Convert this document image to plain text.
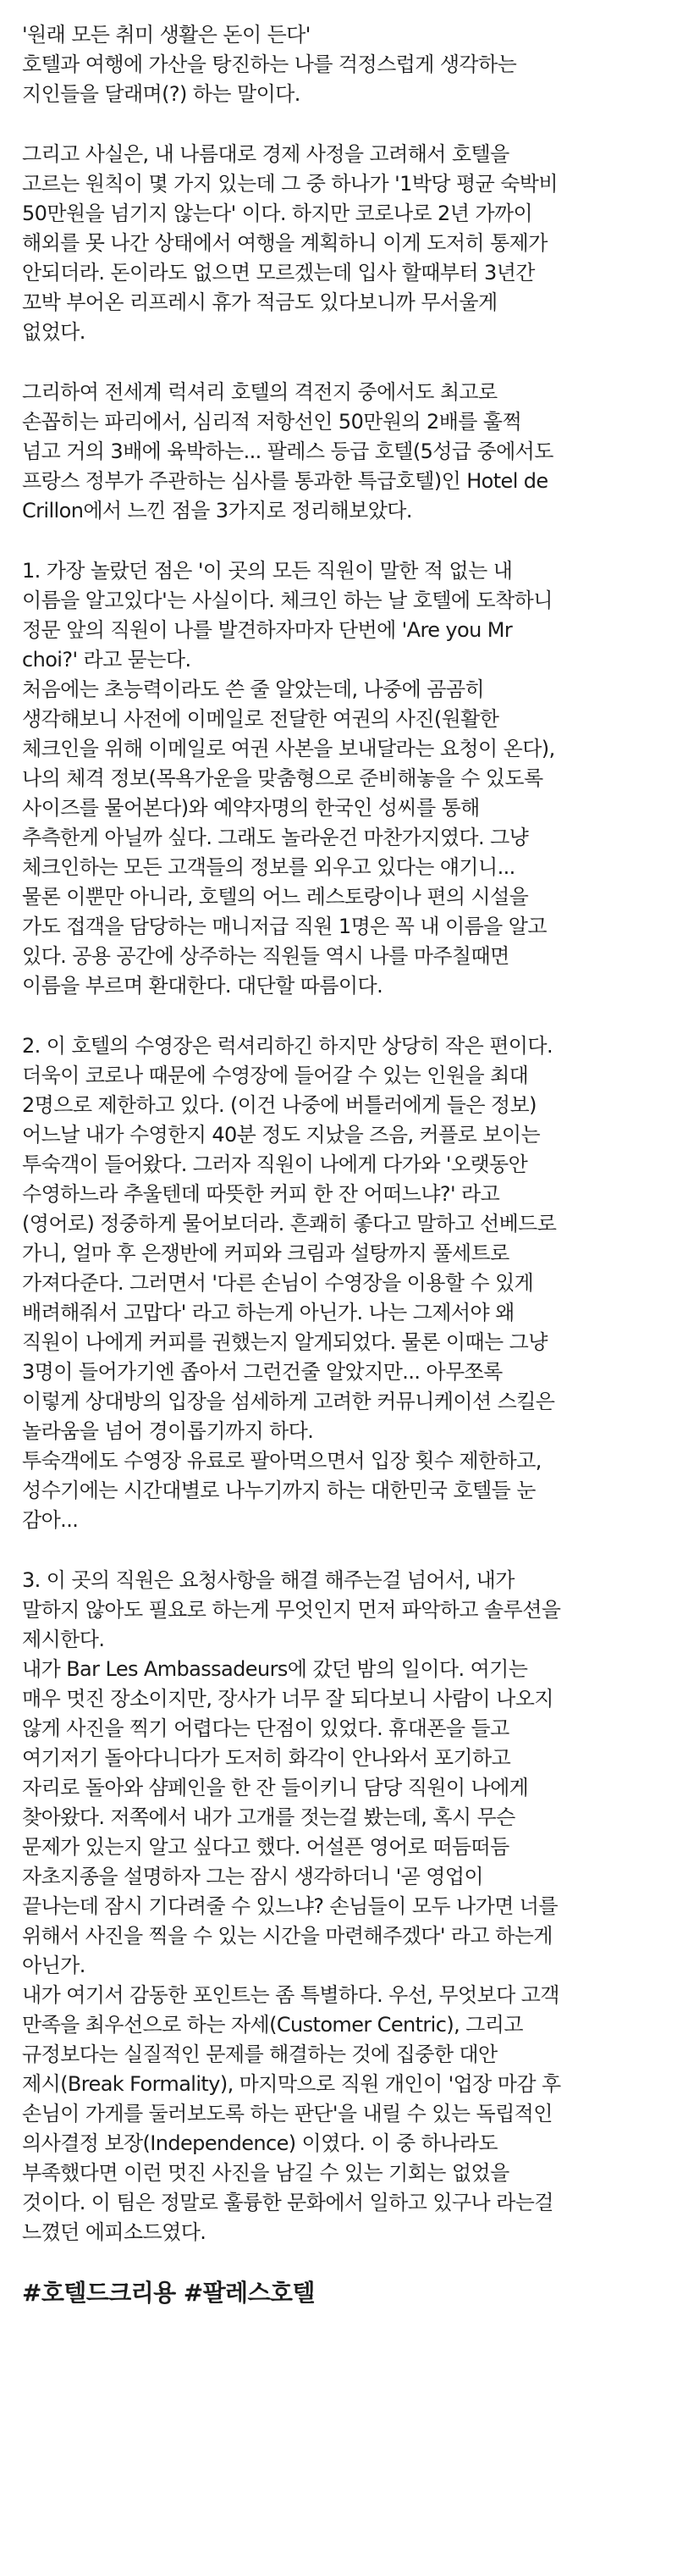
'원래 모든 취미 생활은 돈이 든다'
호텔과 여행에 가산을 탕진하는 나를 걱정스럽게 생각하는
지인들을 달래며(?) 하는 말이다.

그리고 사실은, 내 나름대로 경제 사정을 고려해서 호텔을
고르는 원칙이 몇 가지 있는데 그 중 하나가 '1박당 평균 숙박비
50만원을 넘기지 않는다' 이다. 하지만 코로나로 2년 가까이
해외를 못 나간 상태에서 여행을 계획하니 이게 도저히 통제가
안되더라. 돈이라도 없으면 모르겠는데 입사 할때부터 3년간
꼬박 부어온 리프레시 휴가 적금도 있다보니까 무서울게
없었다.

그리하여 전세계 럭셔리 호텔의 격전지 중에서도 최고로
손꼽히는 파리에서, 심리적 저항선인 50만원의 2배를 훌쩍
넘고 거의 3배에 육박하는... 팔레스 등급 호텔(5성급 중에서도
프랑스 정부가 주관하는 심사를 통과한 특급호텔)인 Hotel de
Crillon에서 느낀 점을 3가지로 정리해보았다.

1. 가장 놀랐던 점은 '이 곳의 모든 직원이 말한 적 없는 내
이름을 알고있다'는 사실이다. 체크인 하는 날 호텔에 도착하니
정문 앞의 직원이 나를 발견하자마자 단번에 'Are you Mr
choi?' 라고 묻는다.
처음에는 초능력이라도 쓴 줄 알았는데, 나중에 곰곰히
생각해보니 사전에 이메일로 전달한 여권의 사진(원활한
체크인을 위해 이메일로 여권 사본을 보내달라는 요청이 온다),
나의 체격 정보(목욕가운을 맞춤형으로 준비해놓을 수 있도록
사이즈를 물어본다)와 예약자명의 한국인 성씨를 통해
추측한게 아닐까 싶다. 그래도 놀라운건 마찬가지였다. 그냥
체크인하는 모든 고객들의 정보를 외우고 있다는 얘기니...
물론 이뿐만 아니라, 호텔의 어느 레스토랑이나 편의 시설을
가도 접객을 담당하는 매니저급 직원 1명은 꼭 내 이름을 알고
있다. 공용 공간에 상주하는 직원들 역시 나를 마주칠때면
이름을 부르며 환대한다. 대단할 따름이다.

2. 이 호텔의 수영장은 럭셔리하긴 하지만 상당히 작은 편이다.
더욱이 코로나 때문에 수영장에 들어갈 수 있는 인원을 최대
2명으로 제한하고 있다. (이건 나중에 버틀러에게 들은 정보)
어느날 내가 수영한지 40분 정도 지났을 즈음, 커플로 보이는
투숙객이 들어왔다. 그러자 직원이 나에게 다가와 '오랫동안
수영하느라 추울텐데 따뜻한 커피 한 잔 어떠느냐?' 라고
(영어로) 정중하게 물어보더라. 흔쾌히 좋다고 말하고 선베드로
가니, 얼마 후 은쟁반에 커피와 크림과 설탕까지 풀세트로
가져다준다. 그러면서 '다른 손님이 수영장을 이용할 수 있게
배려해줘서 고맙다' 라고 하는게 아닌가. 나는 그제서야 왜
직원이 나에게 커피를 권했는지 알게되었다. 물론 이때는 그냥
3명이 들어가기엔 좁아서 그런건줄 알았지만... 아무쪼록
이렇게 상대방의 입장을 섬세하게 고려한 커뮤니케이션 스킬은
놀라움을 넘어 경이롭기까지 하다.
투숙객에도 수영장 유료로 팔아먹으면서 입장 횟수 제한하고,
성수기에는 시간대별로 나누기까지 하는 대한민국 호텔들 눈
감아...

3. 이 곳의 직원은 요청사항을 해결 해주는걸 넘어서, 내가
말하지 않아도 필요로 하는게 무엇인지 먼저 파악하고 솔루션을
제시한다.
내가 Bar Les Ambassadeurs에 갔던 밤의 일이다. 여기는
매우 멋진 장소이지만, 장사가 너무 잘 되다보니 사람이 나오지
않게 사진을 찍기 어렵다는 단점이 있었다. 휴대폰을 들고
여기저기 돌아다니다가 도저히 화각이 안나와서 포기하고
자리로 돌아와 샴페인을 한 잔 들이키니 담당 직원이 나에게
찾아왔다. 저쪽에서 내가 고개를 젓는걸 봤는데, 혹시 무슨
문제가 있는지 알고 싶다고 했다. 어설픈 영어로 떠듬떠듬
자초지종을 설명하자 그는 잠시 생각하더니 '곧 영업이
끝나는데 잠시 기다려줄 수 있느냐? 손님들이 모두 나가면 너를
위해서 사진을 찍을 수 있는 시간을 마련해주겠다' 라고 하는게
아닌가.
내가 여기서 감동한 포인트는 좀 특별하다. 우선, 무엇보다 고객
만족을 최우선으로 하는 자세(Customer Centric), 그리고
규정보다는 실질적인 문제를 해결하는 것에 집중한 대안
제시(Break Formality), 마지막으로 직원 개인이 '업장 마감 후
손님이 가게를 둘러보도록 하는 판단'을 내릴 수 있는 독립적인
의사결정 보장(Independence) 이였다. 이 중 하나라도
부족했다면 이런 멋진 사진을 남길 수 있는 기회는 없었을
것이다. 이 팀은 정말로 훌륭한 문화에서 일하고 있구나 라는걸
느꼈던 에피소드였다.

#호텔드크리용 #팔레스호텔
